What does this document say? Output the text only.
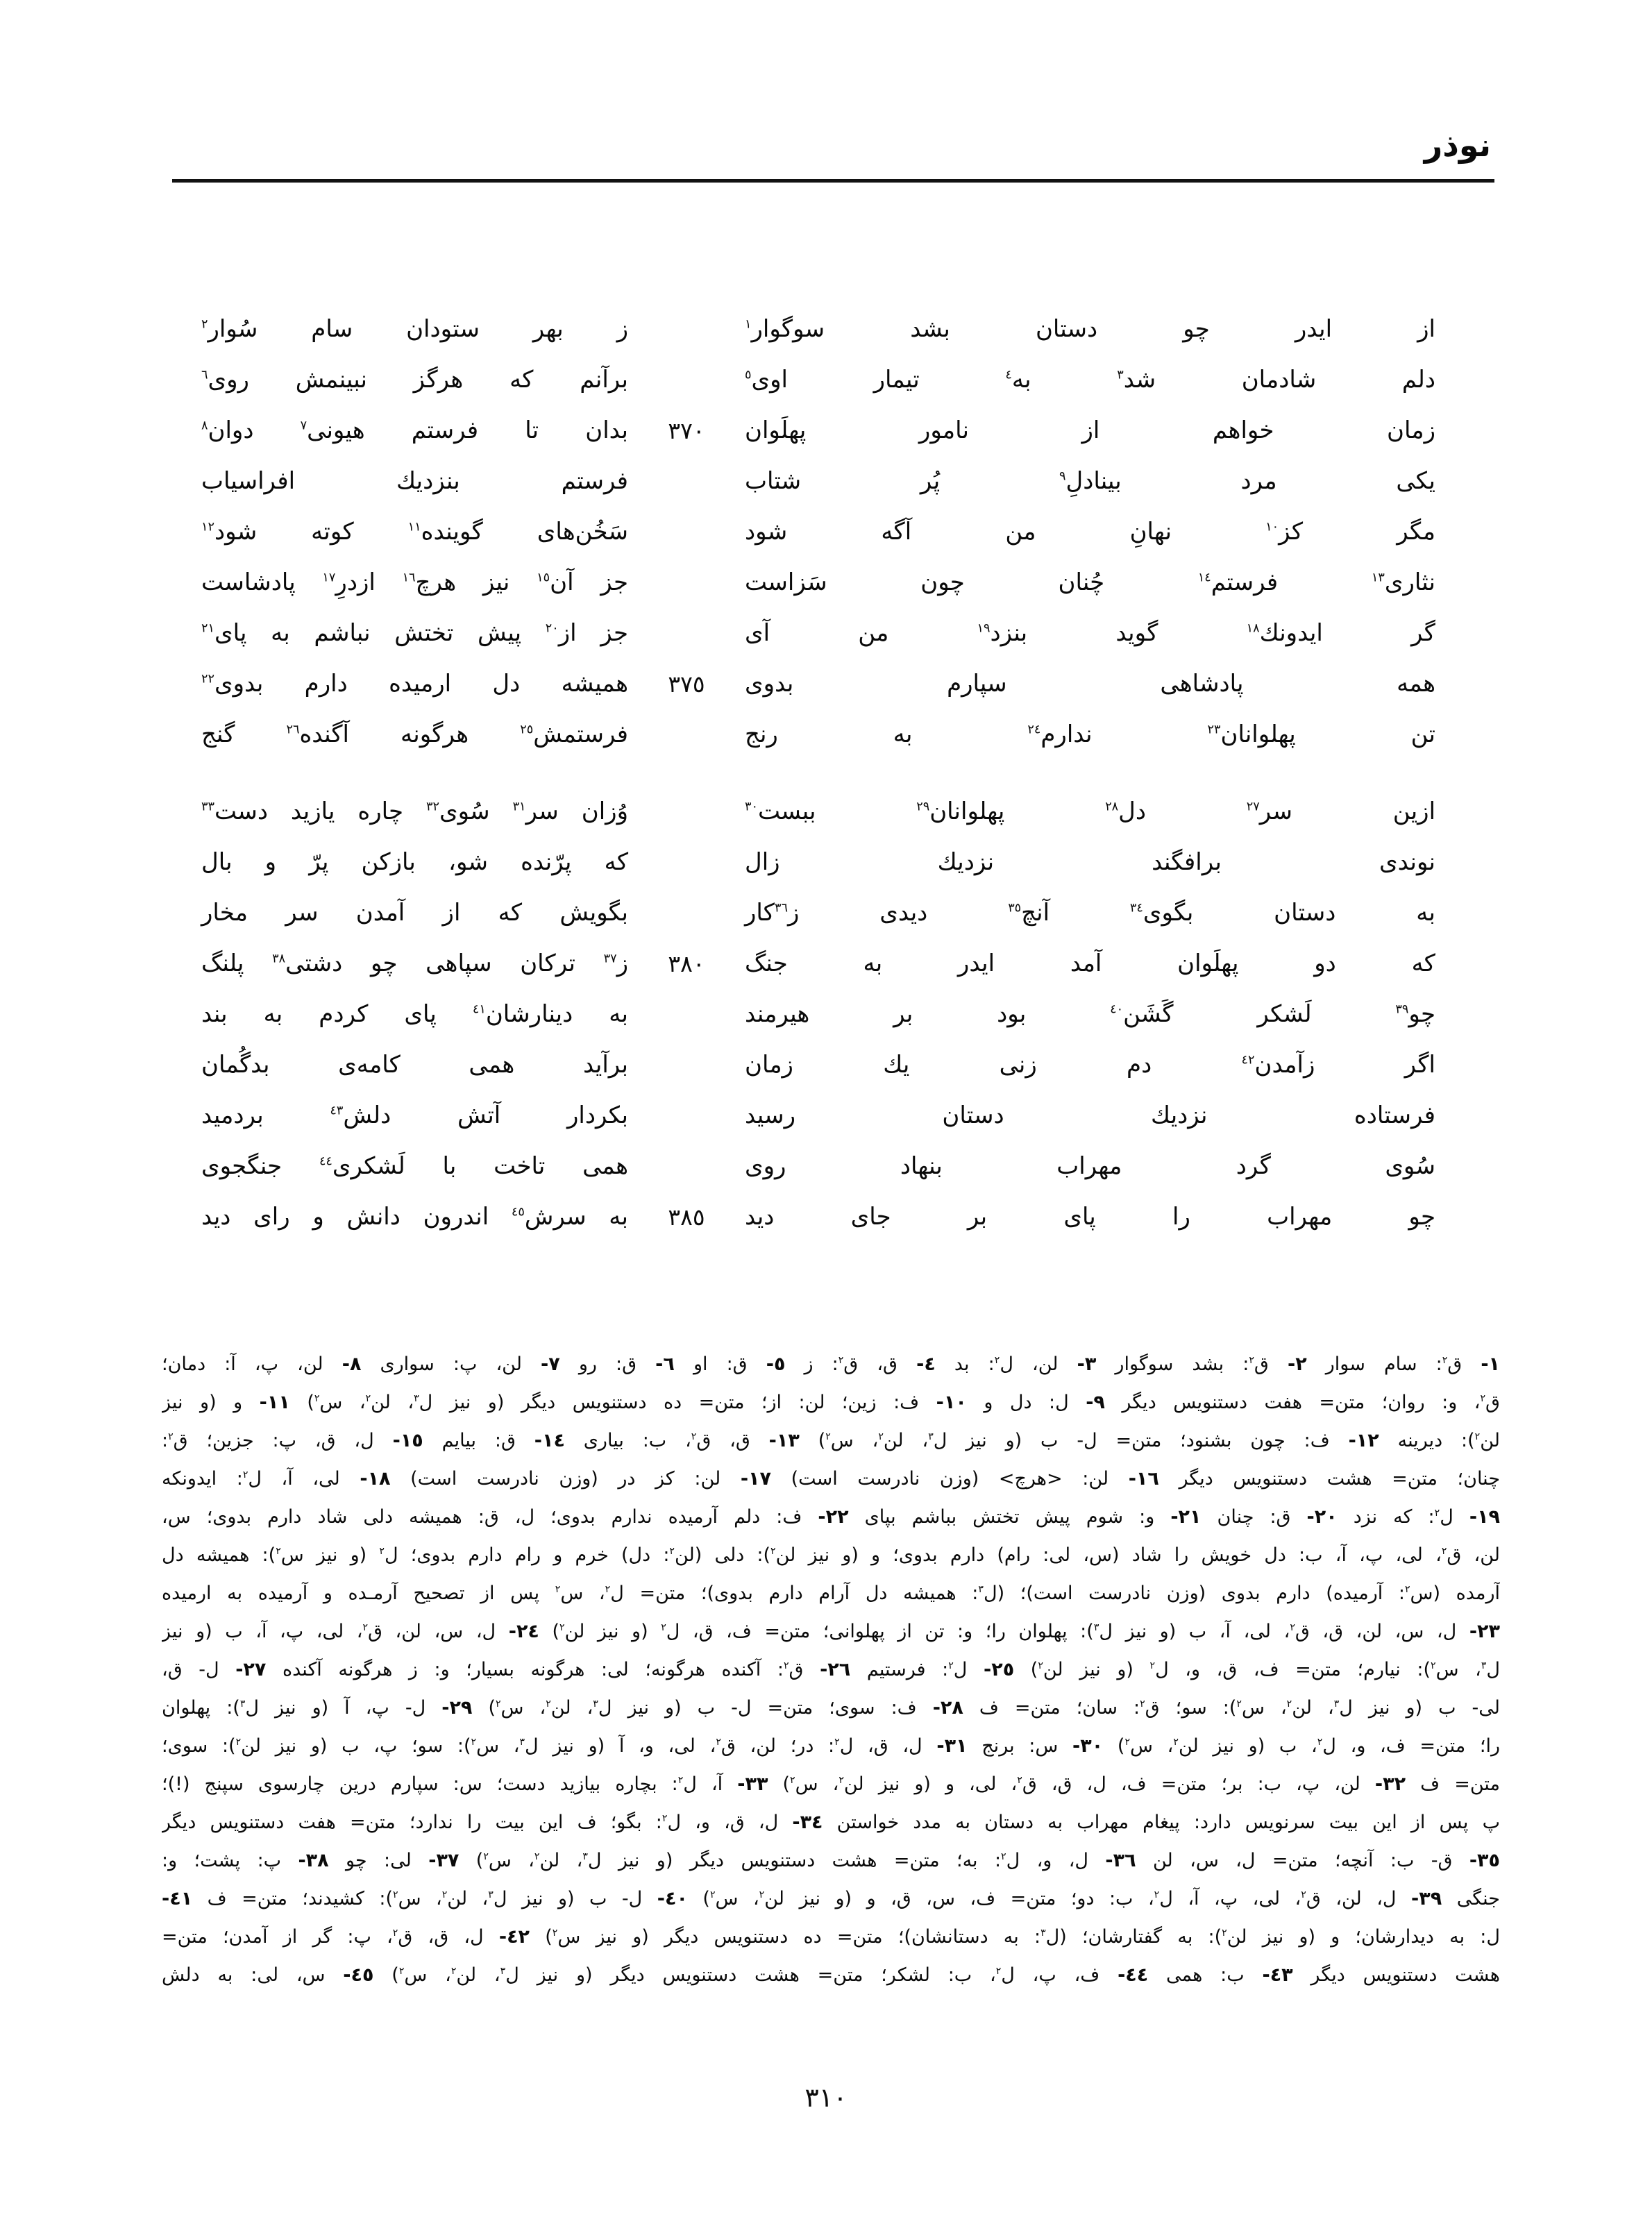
نوذر
از ایدر چو دستان بشد سوگوار$^١$
ز بهر ستودان سام سُوار$^٢$
دلم شادمان شد$^٣$ به$^٤$ تیمار اوی$^٥$
برآنم که هرگز نبینمش روی$^٦$
زمان خواهم از نامور پهلَوان
٣٧٠
بدان تا فرستم هیونی$^٧$ دوان$^٨$
یکی مرد بینادلِ$^٩$ پُر شتاب
فرستم بنزدیك افراسیاب
مگر کز$^{١٠}$ نهانِ من آگه شود
سَخُن‌های گوینده$^{١١}$ کوته شود$^{١٢}$
نثاری$^{١٣}$ فرستم$^{١٤}$ چُنان چون سَزاست
جز آن$^{١٥}$ نیز هرچ$^{١٦}$ ازدرِ$^{١٧}$ پادشاست
گر ایدونك$^{١٨}$ گوید بنزد$^{١٩}$ من آی
جز از$^{٢٠}$ پیش تختش نباشم به پای$^{٢١}$
همه پادشاهی سپارم بدوی
٣٧٥
همیشه دل ارمیده دارم بدوی$^{٢٢}$
تن پهلوانان$^{٢٣}$ ندارم$^{٢٤}$ به رنج
فرستمش$^{٢٥}$ هرگونه آگنده$^{٢٦}$ گنج
ازین سر$^{٢٧}$ دل$^{٢٨}$ پهلوانان$^{٢٩}$ ببست$^{٣٠}$
وُزان سر$^{٣١}$ سُوی$^{٣٢}$ چاره یازید دست$^{٣٣}$
نوندی برافگند نزدیك زال
که پرّنده شو، بازکن پرّ و بال
به دستان بگوی$^{٣٤}$ آنچ$^{٣٥}$ دیدی ز$^{٣٦}$کار
بگویش که از آمدن سر مخار
که دو پهلَوان آمد ایدر به جنگ
٣٨٠
ز$^{٣٧}$ ترکان سپاهی چو دشتی$^{٣٨}$ پلنگ
چو$^{٣٩}$ لَشکر گَشَن$^{٤٠}$ بود بر هیرمند
به دینارشان$^{٤١}$ پای کردم به بند
اگر زآمدن$^{٤٢}$ دم زنی یك زمان
برآید همی کامه‌ی بدگُمان
فرستاده نزدیك دستان رسید
بکردار آتش دلش$^{٤٣}$ بردمید
سُوی گرد مهراب بنهاد روی
همی تاخت با لَشکری$^{٤٤}$ جنگجوی
چو مهراب را پای بر جای دید
٣٨٥
به سرش$^{٤٥}$ اندرون دانش و رای دید
١- ق$^٢$: سام سوار ٢- ق$^٢$: بشد سوگوار ٣- لن، ل$^٢$: بد ٤- ق، ق$^٢$: ز ٥- ق: او ٦- ق: رو ٧- لن، پ: سواری ٨- لن، پ، آ: دمان؛
ق$^٢$، و: روان؛ متن= هفت دستنویس دیگر ٩- ل: دل و ١٠- ف: زین؛ لن: از؛ متن= ده دستنویس دیگر (و نیز ل$^٣$، لن$^٢$، س$^٢$) ١١- و (و نیز
لن$^٢$): دیرینه ١٢- ف: چون بشنود؛ متن= ل- ب (و نیز ل$^٣$، لن$^٢$، س$^٢$) ١٣- ق، ق$^٢$، ب: بیاری ١٤- ق: بیایم ١٥- ل، ق، پ: جزین؛ ق$^٢$:
چنان؛ متن= هشت دستنویس دیگر ١٦- لن: <هرچ> (وزن نادرست است) ١٧- لن: کز در (وزن نادرست است) ١٨- لی، آ، ل$^٢$: ایدونکه
١٩- ل$^٢$: که نزد ٢٠- ق: چنان ٢١- و: شوم پیش تختش بباشم بپای ٢٢- ف: دلم آرمیده ندارم بدوی؛ ل، ق: همیشه دلی شاد دارم بدوی؛ س،
لن، ق$^٢$، لی، پ، آ، ب: دل خویش را شاد (س، لی: رام) دارم بدوی؛ و (و نیز لن$^٢$): دلی (لن$^٢$: دل) خرم و رام دارم بدوی؛ ل$^٢$ (و نیز س$^٢$): همیشه دل
آرمده (س$^٢$: آرمیده) دارم بدوی (وزن نادرست است)؛ (ل$^٣$: همیشه دل آرام دارم بدوی)؛ متن= ل$^٢$، س$^٢$ پس از تصحیح آرمـده و آرمیده به ارمیده
٢٣- ل، س، لن، ق، ق$^٢$، لی، آ، ب (و نیز ل$^٣$): پهلوان را؛ و: تن از پهلوانی؛ متن= ف، ق، ل$^٢$ (و نیز لن$^٢$) ٢٤- ل، س، لن، ق$^٢$، لی، پ، آ، ب (و نیز
ل$^٣$، س$^٢$): نیارم؛ متن= ف، ق، و، ل$^٢$ (و نیز لن$^٢$) ٢٥- ل$^٢$: فرستیم ٢٦- ق$^٢$: آکنده هرگونه؛ لی: هرگونه بسیار؛ و: ز هرگونه آکنده ٢٧- ل- ق،
لی- ب (و نیز ل$^٣$، لن$^٢$، س$^٢$): سو؛ ق$^٢$: سان؛ متن= ف ٢٨- ف: سوی؛ متن= ل- ب (و نیز ل$^٣$، لن$^٢$، س$^٢$) ٢٩- ل- پ، آ (و نیز ل$^٣$): پهلوان
را؛ متن= ف، و، ل$^٢$، ب (و نیز لن$^٢$، س$^٢$) ٣٠- س: برنج ٣١- ل، ق، ل$^٢$: در؛ لن، ق$^٢$، لی، و، آ (و نیز ل$^٣$، س$^٢$): سو؛ پ، ب (و نیز لن$^٢$): سوی؛
متن= ف ٣٢- لن، پ، ب: بر؛ متن= ف، ل، ق، ق$^٢$، لی، و (و نیز لن$^٢$، س$^٢$) ٣٣- آ، ل$^٢$: بچاره بیازید دست؛ س: سپارم درین چارسوی سپنج (!)؛
پ پس از این بیت سرنویس دارد: پیغام مهراب به دستان به مدد خواستن ٣٤- ل، ق، و، ل$^٢$: بگو؛ ف این بیت را ندارد؛ متن= هفت دستنویس دیگر
٣٥- ق- ب: آنچه؛ متن= ل، س، لن ٣٦- ل، و، ل$^٢$: به؛ متن= هشت دستنویس دیگر (و نیز ل$^٣$، لن$^٢$، س$^٢$) ٣٧- لی: چو ٣٨- پ: پشت؛ و:
جنگی ٣٩- ل، لن، ق$^٢$، لی، پ، آ، ل$^٢$، ب: دو؛ متن= ف، س، ق، و (و نیز لن$^٢$، س$^٢$) ٤٠- ل- ب (و نیز ل$^٣$، لن$^٢$، س$^٢$): کشیدند؛ متن= ف ٤١-
ل: به دیدارشان؛ و (و نیز لن$^٢$): به گفتارشان؛ (ل$^٣$: به دستانشان)؛ متن= ده دستنویس دیگر (و نیز س$^٢$) ٤٢- ل، ق، ق$^٢$، پ: گر از آمدن؛ متن=
هشت دستنویس دیگر ٤٣- ب: همی ٤٤- ف، پ، ل$^٢$، ب: لشکر؛ متن= هشت دستنویس دیگر (و نیز ل$^٣$، لن$^٢$، س$^٢$) ٤٥- س، لی: به دلش
٣١٠
